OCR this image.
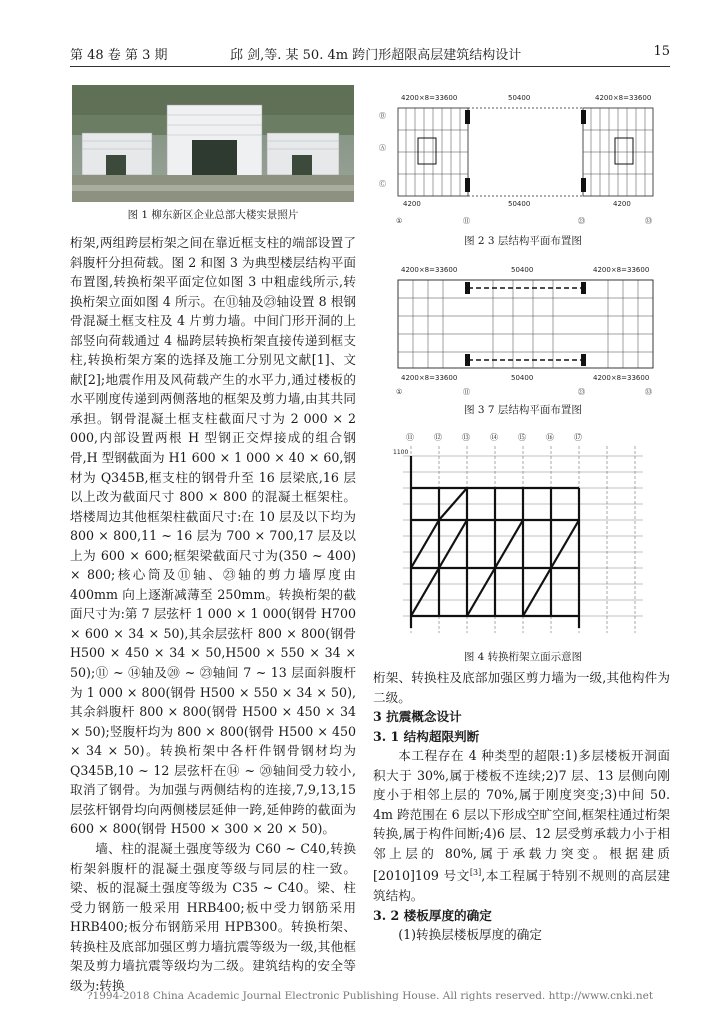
第 48 卷 第 3 期	邱 剑,等. 某 50. 4m 跨门形超限高层建筑结构设计	15
图 1 柳东新区企业总部大楼实景照片

桁架,两组跨层桁架之间在靠近框支柱的端部设置了斜腹杆分担荷载。图 2 和图 3 为典型楼层结构平面布置图,转换桁架平面定位如图 3 中粗虚线所示,转换桁架立面如图 4 所示。在⑪轴及㉓轴设置 8 根钢骨混凝土框支柱及 4 片剪力墙。中间门形开洞的上部竖向荷载通过 4 榀跨层转换桁架直接传递到框支柱,转换桁架方案的选择及施工分别见文献[1]、文献[2];地震作用及风荷载产生的水平力,通过楼板的水平刚度传递到两侧落地的框架及剪力墙,由其共同承担。钢骨混凝土框支柱截面尺寸为 2 000 × 2 000,内部设置两根 H 型钢正交焊接成的组合钢骨,H 型钢截面为 H1 600 × 1 000 × 40 × 60,钢材为 Q345B,框支柱的钢骨升至 16 层梁底,16 层以上改为截面尺寸 800 × 800 的混凝土框架柱。塔楼周边其他框架柱截面尺寸:在 10 层及以下均为 800 × 800,11 ~ 16 层为 700 × 700,17 层及以上为 600 × 600;框架梁截面尺寸为(350 ~ 400) × 800;核心筒及⑪轴、㉓轴的剪力墙厚度由 400mm 向上逐渐减薄至 250mm。转换桁架的截面尺寸为:第 7 层弦杆 1 000 × 1 000(钢骨 H700 × 600 × 34 × 50),其余层弦杆 800 × 800(钢骨 H500 × 450 × 34 × 50,H500 × 550 × 34 × 50);⑪ ~ ⑭轴及⑳ ~ ㉓轴间 7 ~ 13 层面斜腹杆为 1 000 × 800(钢骨 H500 × 550 × 34 × 50),其余斜腹杆 800 × 800(钢骨 H500 × 450 × 34 × 50);竖腹杆均为 800 × 800(钢骨 H500 × 450 × 34 × 50)。转换桁架中各杆件钢骨钢材均为 Q345B,10 ~ 12 层弦杆在⑭ ~ ⑳轴间受力较小,取消了钢骨。为加强与两侧结构的连接,7,9,13,15 层弦杆钢骨均向两侧楼层延伸一跨,延伸跨的截面为 600 × 800(钢骨 H500 × 300 × 20 × 50)。

墙、柱的混凝土强度等级为 C60 ~ C40,转换桁架斜腹杆的混凝土强度等级与同层的柱一致。梁、板的混凝土强度等级为 C35 ~ C40。梁、柱受力钢筋一般采用 HRB400;板中受力钢筋采用 HRB400;板分布钢筋采用 HPB300。转换桁架、转换柱及底部加强区剪力墙抗震等级为一级,其他框架及剪力墙抗震等级均为二级。建筑结构的安全等级为:转换

4200×8=33600	50400	4200×8=33600
4200	50400	4200
Ⓑ
Ⓐ
Ⓒ
①	⑪	㉓	㉝
图 2 3 层结构平面布置图
4200×8=33600	50400	4200×8=33600
4200×8=33600	50400	4200×8=33600
①	⑪	㉓	㉝
图 3 7 层结构平面布置图
⑪	⑫	⑬	⑭	⑮	⑯	⑰
1100
图 4 转换桁架立面示意图

桁架、转换柱及底部加强区剪力墙为一级,其他构件为二级。

3 抗震概念设计

3. 1 结构超限判断

本工程存在 4 种类型的超限:1)多层楼板开洞面积大于 30%,属于楼板不连续;2)7 层、13 层侧向刚度小于相邻上层的 70%,属于刚度突变;3)中间 50. 4m 跨范围在 6 层以下形成空旷空间,框架柱通过桁架转换,属于构件间断;4)6 层、12 层受剪承载力小于相邻上层的 80%,属于承载力突变。根据建质[2010]109 号文[3],本工程属于特别不规则的高层建筑结构。

3. 2 楼板厚度的确定

(1)转换层楼板厚度的确定

?1994-2018 China Academic Journal Electronic Publishing House. All rights reserved. http://www.cnki.net
